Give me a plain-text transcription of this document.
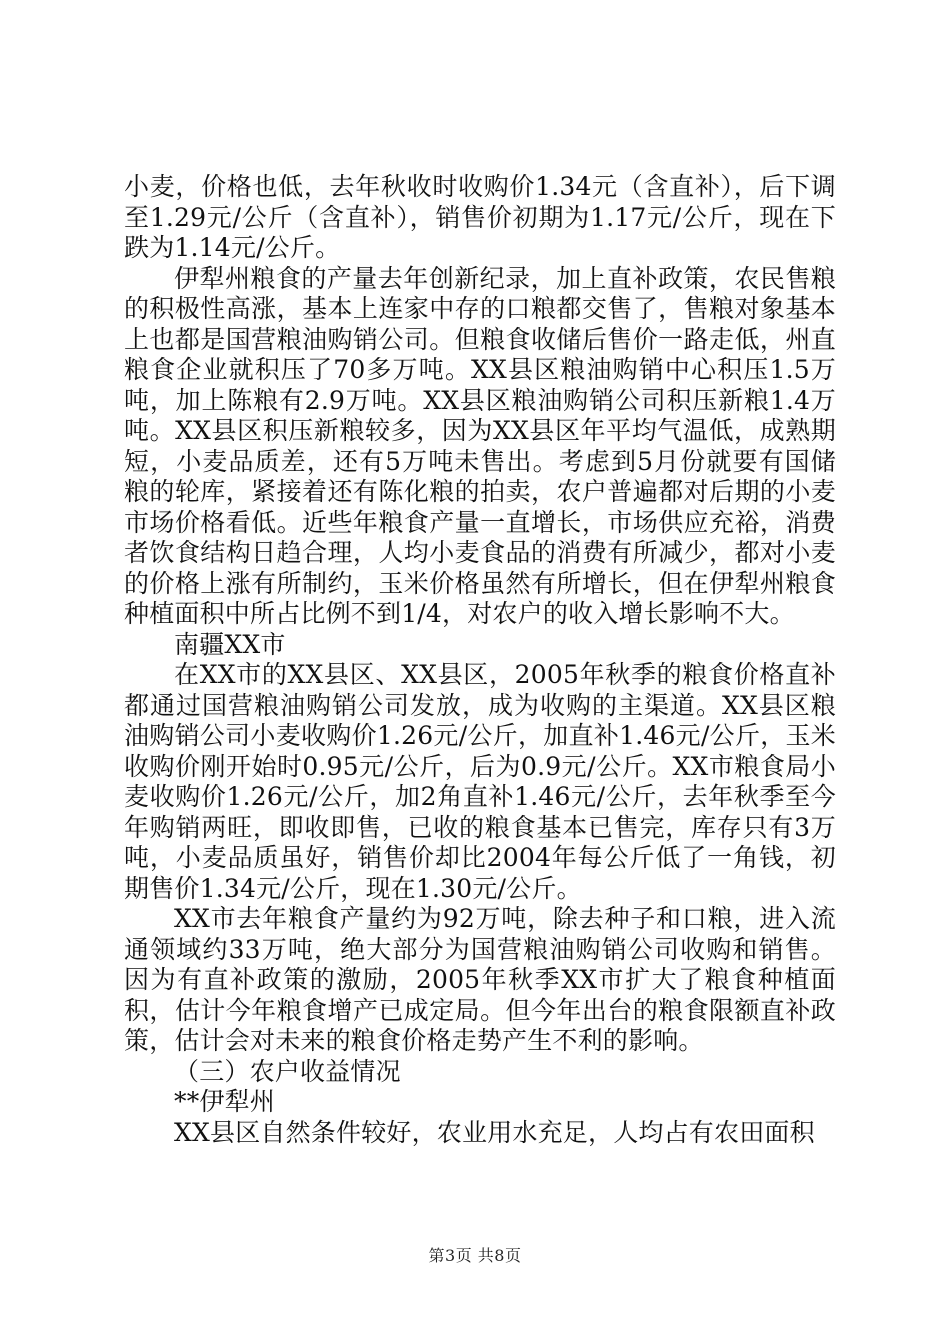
小麦，价格也低，去年秋收时收购价1.34元（含直补），后下调至1.29元/公斤（含直补），销售价初期为1.17元/公斤，现在下跌为1.14元/公斤。

伊犁州粮食的产量去年创新纪录，加上直补政策，农民售粮的积极性高涨，基本上连家中存的口粮都交售了，售粮对象基本上也都是国营粮油购销公司。但粮食收储后售价一路走低，州直粮食企业就积压了70多万吨。XX县区粮油购销中心积压1.5万吨，加上陈粮有2.9万吨。XX县区粮油购销公司积压新粮1.4万吨。XX县区积压新粮较多，因为XX县区年平均气温低，成熟期短，小麦品质差，还有5万吨未售出。考虑到5月份就要有国储粮的轮库，紧接着还有陈化粮的拍卖，农户普遍都对后期的小麦市场价格看低。近些年粮食产量一直增长，市场供应充裕，消费者饮食结构日趋合理，人均小麦食品的消费有所减少，都对小麦的价格上涨有所制约，玉米价格虽然有所增长，但在伊犁州粮食种植面积中所占比例不到1/4，对农户的收入增长影响不大。

南疆XX市

在XX市的XX县区、XX县区，2005年秋季的粮食价格直补都通过国营粮油购销公司发放，成为收购的主渠道。XX县区粮油购销公司小麦收购价1.26元/公斤，加直补1.46元/公斤，玉米收购价刚开始时0.95元/公斤，后为0.9元/公斤。XX市粮食局小麦收购价1.26元/公斤，加2角直补1.46元/公斤，去年秋季至今年购销两旺，即收即售，已收的粮食基本已售完，库存只有3万吨，小麦品质虽好，销售价却比2004年每公斤低了一角钱，初期售价1.34元/公斤，现在1.30元/公斤。

XX市去年粮食产量约为92万吨，除去种子和口粮，进入流通领域约33万吨，绝大部分为国营粮油购销公司收购和销售。因为有直补政策的激励，2005年秋季XX市扩大了粮食种植面积，估计今年粮食增产已成定局。但今年出台的粮食限额直补政策，估计会对未来的粮食价格走势产生不利的影响。

（三）农户收益情况

**伊犁州

XX县区自然条件较好，农业用水充足，人均占有农田面积

第3页 共8页
